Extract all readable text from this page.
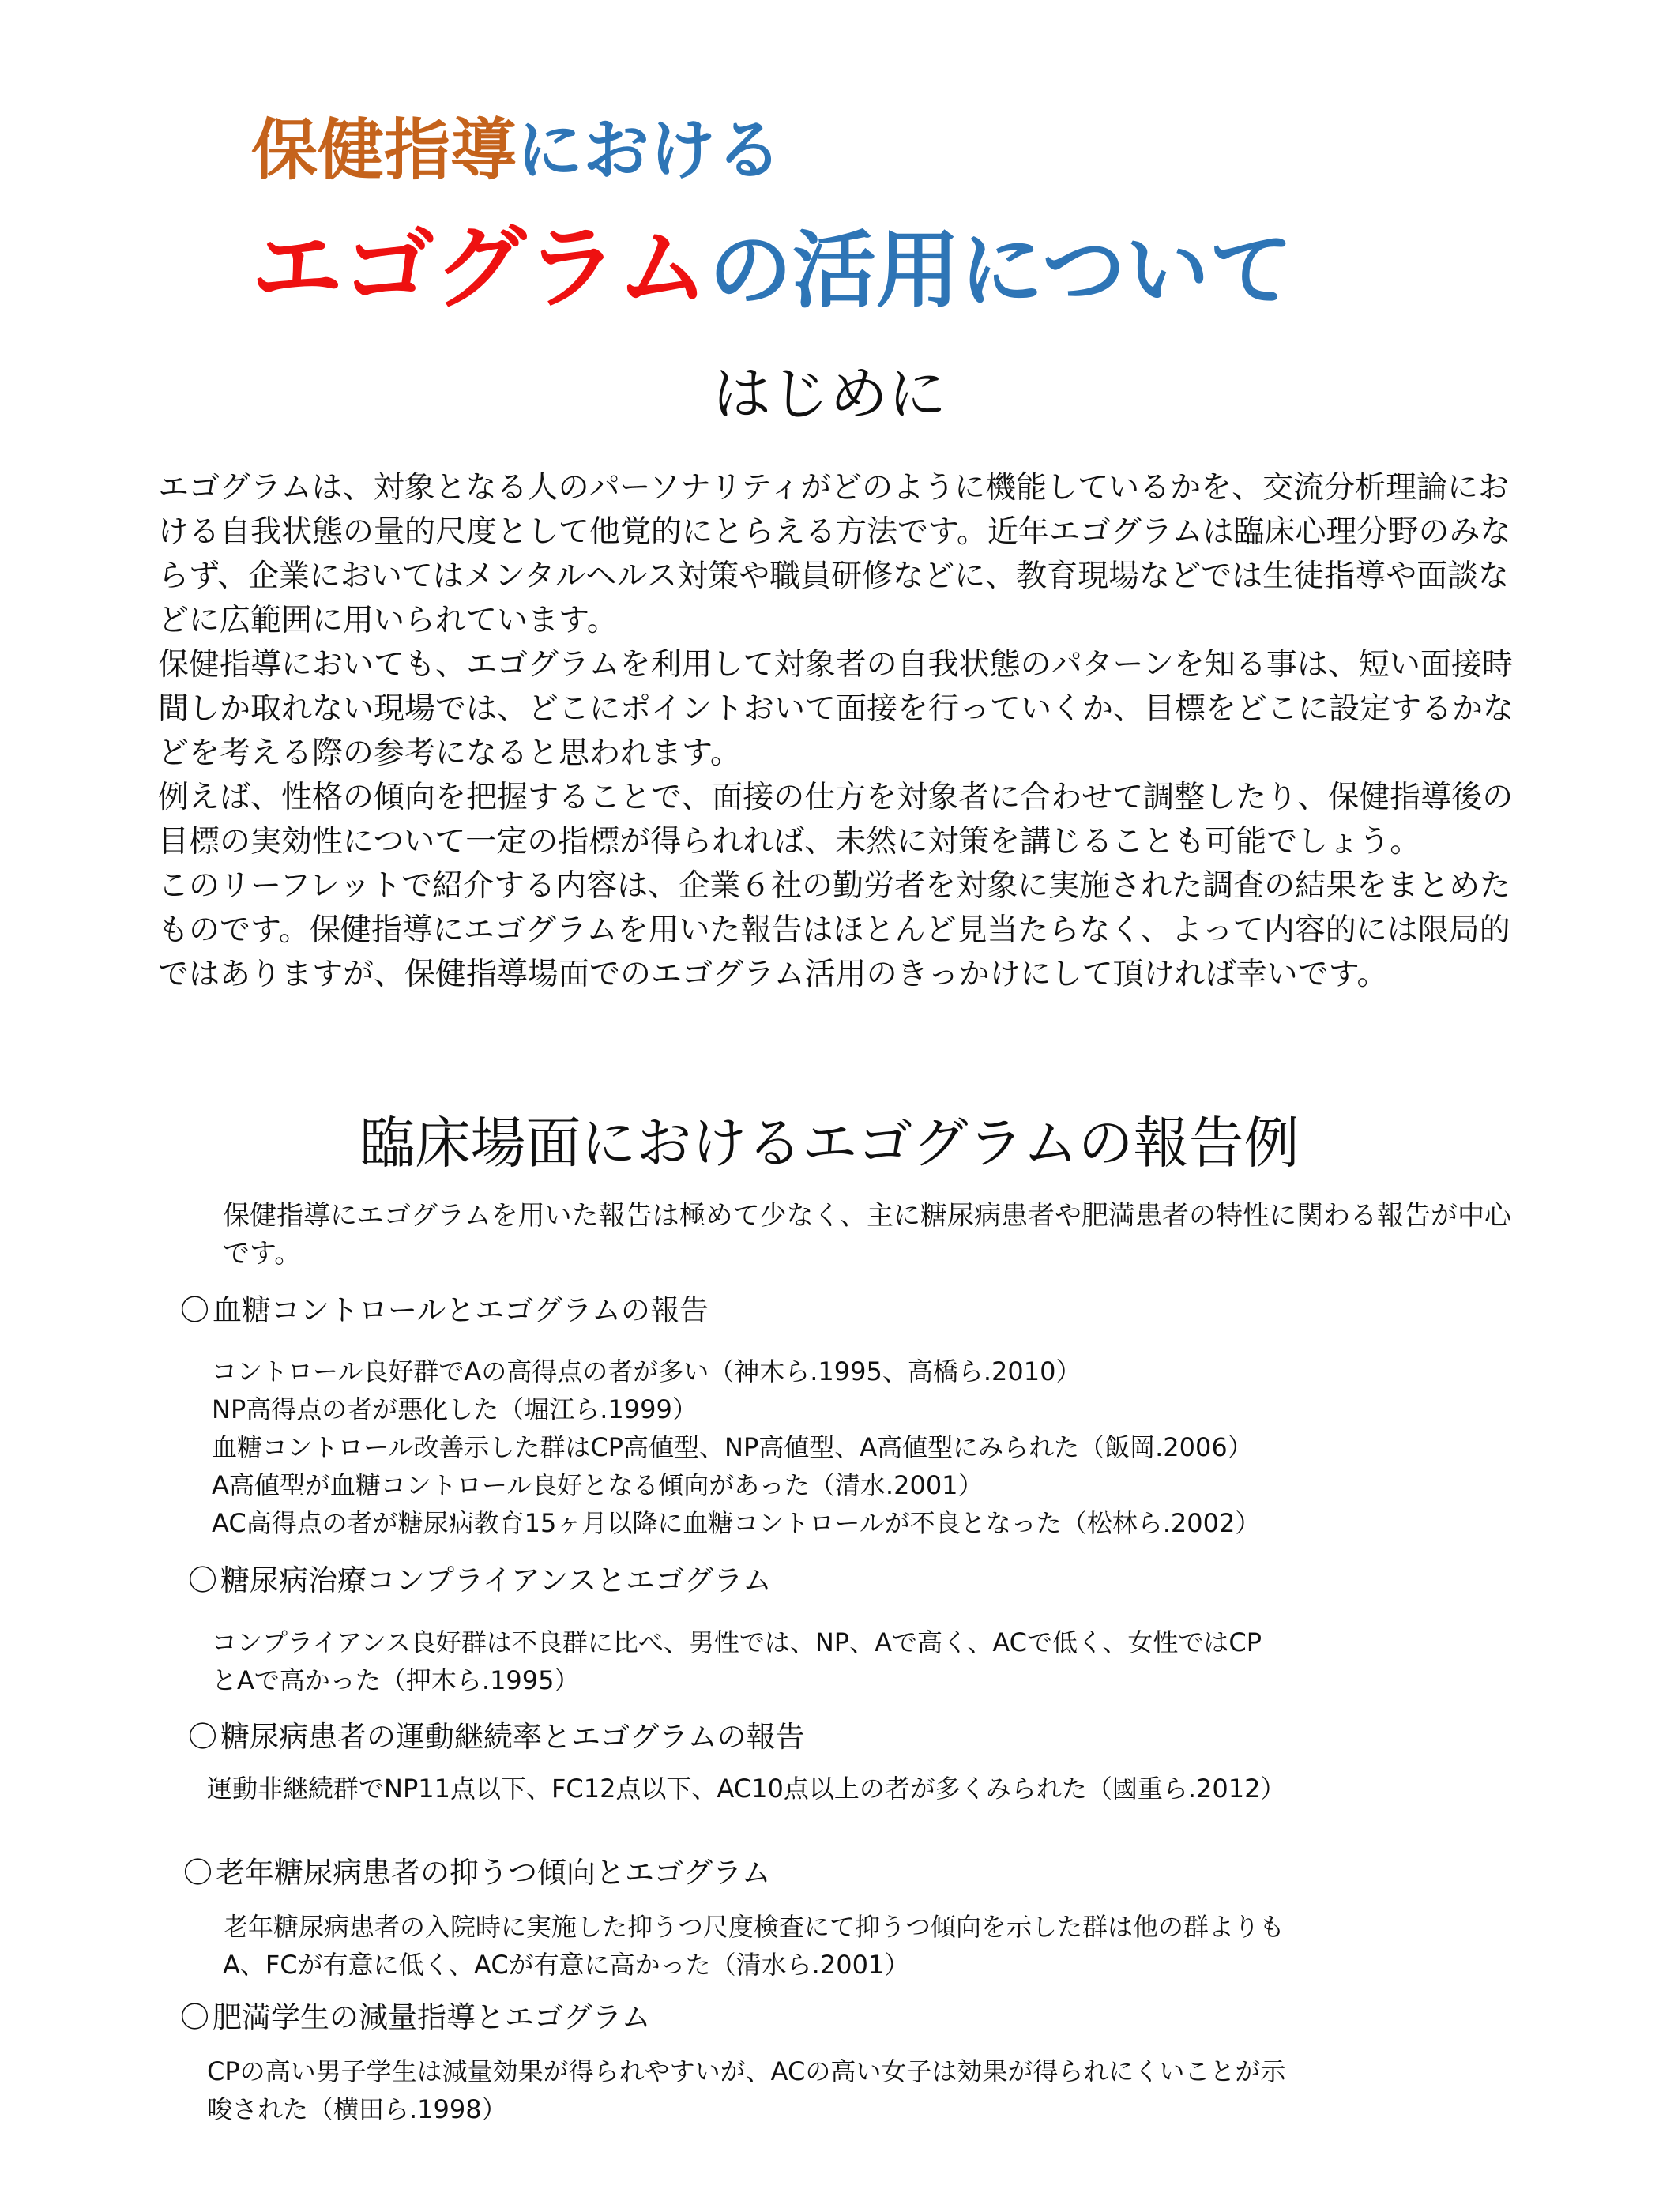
保健指導における
エゴグラムの活用について
はじめに

エゴグラムは、対象となる人のパーソナリティがどのように機能しているかを、交流分析理論における自我状態の量的尺度として他覚的にとらえる方法です。近年エゴグラムは臨床心理分野のみならず、企業においてはメンタルヘルス対策や職員研修などに、教育現場などでは生徒指導や面談などに広範囲に用いられています。

保健指導においても、エゴグラムを利用して対象者の自我状態のパターンを知る事は、短い面接時間しか取れない現場では、どこにポイントおいて面接を行っていくか、目標をどこに設定するかなどを考える際の参考になると思われます。

例えば、性格の傾向を把握することで、面接の仕方を対象者に合わせて調整したり、保健指導後の目標の実効性について一定の指標が得られれば、未然に対策を講じることも可能でしょう。

このリーフレットで紹介する内容は、企業６社の勤労者を対象に実施された調査の結果をまとめたものです。保健指導にエゴグラムを用いた報告はほとんど見当たらなく、よって内容的には限局的ではありますが、保健指導場面でのエゴグラム活用のきっかけにして頂ければ幸いです。

臨床場面におけるエゴグラムの報告例
保健指導にエゴグラムを用いた報告は極めて少なく、主に糖尿病患者や肥満患者の特性に関わる報告が中心です。
〇 血糖コントロールとエゴグラムの報告
コントロール良好群でAの高得点の者が多い（神木ら.1995、高橋ら.2010）
NP高得点の者が悪化した（堀江ら.1999）
血糖コントロール改善示した群はCP高値型、NP高値型、A高値型にみられた（飯岡.2006）
A高値型が血糖コントロール良好となる傾向があった（清水.2001）
AC高得点の者が糖尿病教育15ヶ月以降に血糖コントロールが不良となった（松林ら.2002）
〇 糖尿病治療コンプライアンスとエゴグラム
コンプライアンス良好群は不良群に比べ、男性では、NP、Aで高く、ACで低く、女性ではCP
とAで高かった（押木ら.1995）
〇 糖尿病患者の運動継続率とエゴグラムの報告
運動非継続群でNP11点以下、FC12点以下、AC10点以上の者が多くみられた（國重ら.2012）
〇 老年糖尿病患者の抑うつ傾向とエゴグラム
老年糖尿病患者の入院時に実施した抑うつ尺度検査にて抑うつ傾向を示した群は他の群よりも
A、FCが有意に低く、ACが有意に高かった（清水ら.2001）
〇 肥満学生の減量指導とエゴグラム
CPの高い男子学生は減量効果が得られやすいが、ACの高い女子は効果が得られにくいことが示
唆された（横田ら.1998）
